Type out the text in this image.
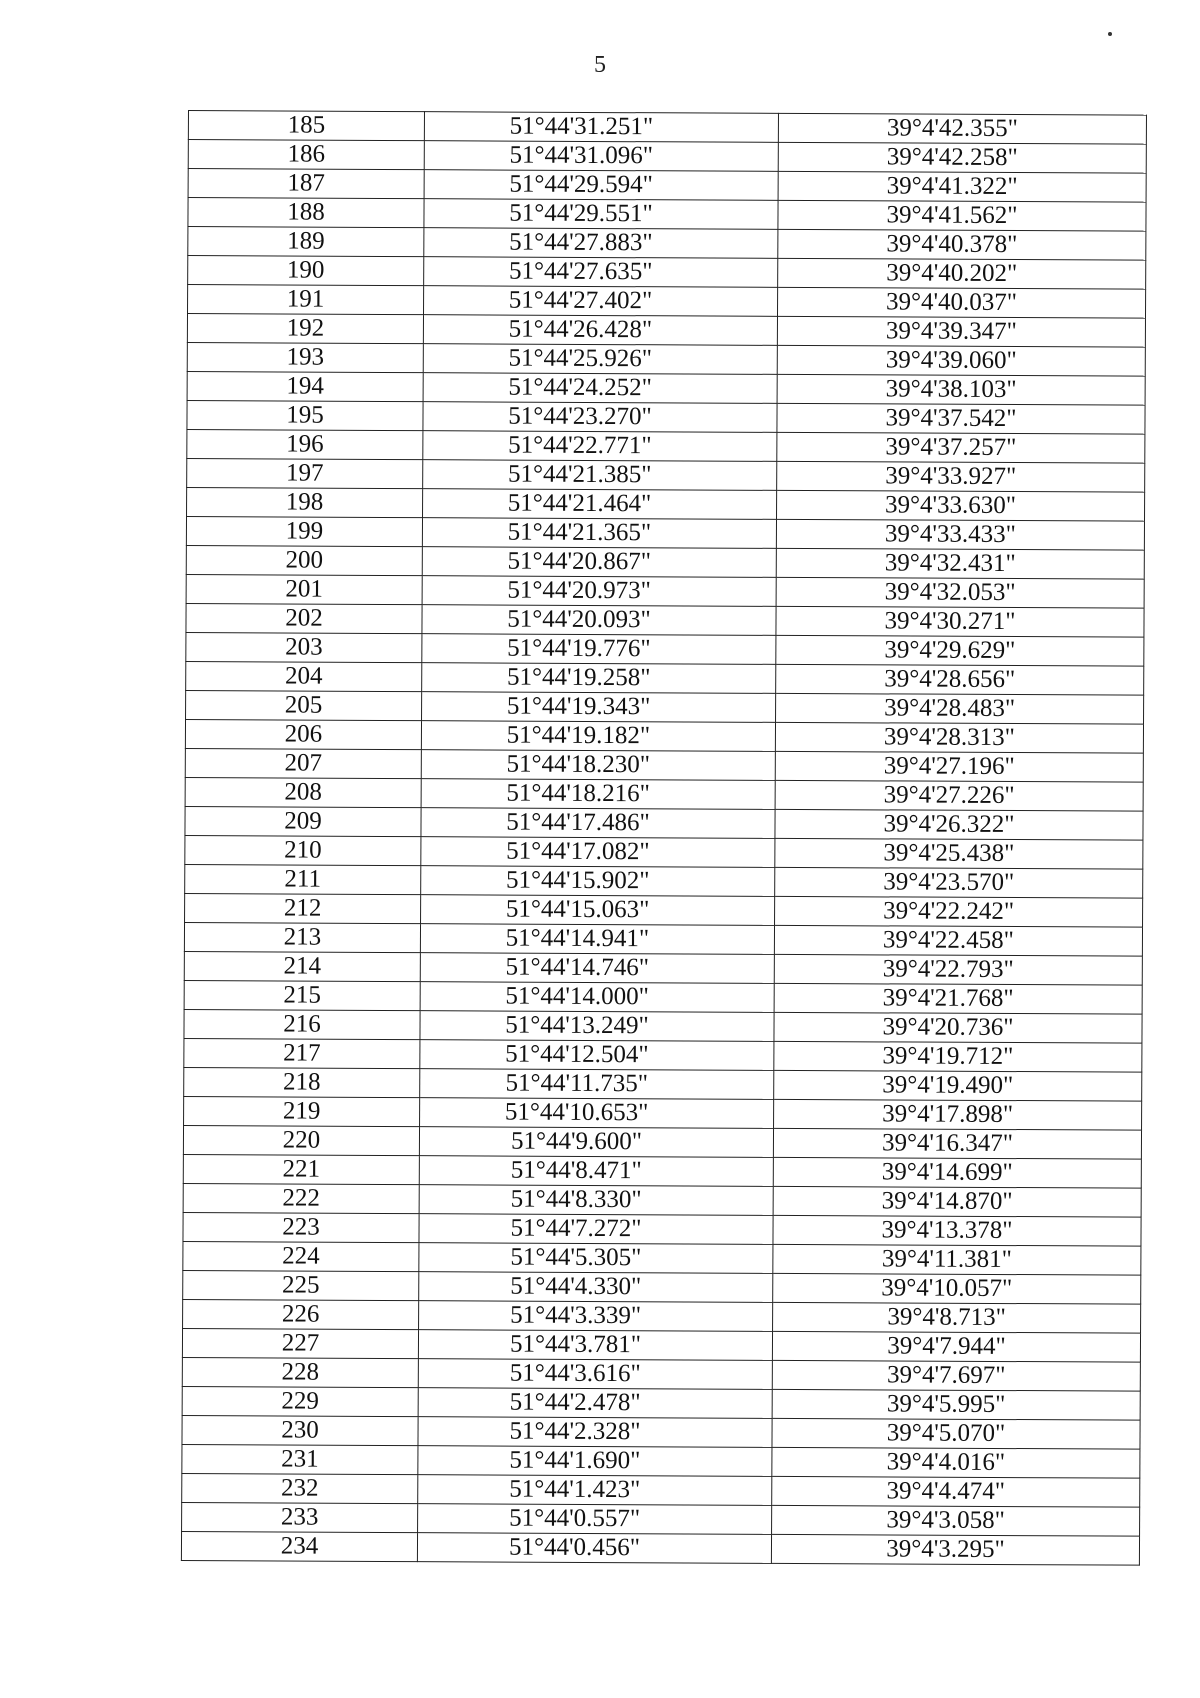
5
185	51°44'31.251"	39°4'42.355"
186	51°44'31.096"	39°4'42.258"
187	51°44'29.594"	39°4'41.322"
188	51°44'29.551"	39°4'41.562"
189	51°44'27.883"	39°4'40.378"
190	51°44'27.635"	39°4'40.202"
191	51°44'27.402"	39°4'40.037"
192	51°44'26.428"	39°4'39.347"
193	51°44'25.926"	39°4'39.060"
194	51°44'24.252"	39°4'38.103"
195	51°44'23.270"	39°4'37.542"
196	51°44'22.771"	39°4'37.257"
197	51°44'21.385"	39°4'33.927"
198	51°44'21.464"	39°4'33.630"
199	51°44'21.365"	39°4'33.433"
200	51°44'20.867"	39°4'32.431"
201	51°44'20.973"	39°4'32.053"
202	51°44'20.093"	39°4'30.271"
203	51°44'19.776"	39°4'29.629"
204	51°44'19.258"	39°4'28.656"
205	51°44'19.343"	39°4'28.483"
206	51°44'19.182"	39°4'28.313"
207	51°44'18.230"	39°4'27.196"
208	51°44'18.216"	39°4'27.226"
209	51°44'17.486"	39°4'26.322"
210	51°44'17.082"	39°4'25.438"
211	51°44'15.902"	39°4'23.570"
212	51°44'15.063"	39°4'22.242"
213	51°44'14.941"	39°4'22.458"
214	51°44'14.746"	39°4'22.793"
215	51°44'14.000"	39°4'21.768"
216	51°44'13.249"	39°4'20.736"
217	51°44'12.504"	39°4'19.712"
218	51°44'11.735"	39°4'19.490"
219	51°44'10.653"	39°4'17.898"
220	51°44'9.600"	39°4'16.347"
221	51°44'8.471"	39°4'14.699"
222	51°44'8.330"	39°4'14.870"
223	51°44'7.272"	39°4'13.378"
224	51°44'5.305"	39°4'11.381"
225	51°44'4.330"	39°4'10.057"
226	51°44'3.339"	39°4'8.713"
227	51°44'3.781"	39°4'7.944"
228	51°44'3.616"	39°4'7.697"
229	51°44'2.478"	39°4'5.995"
230	51°44'2.328"	39°4'5.070"
231	51°44'1.690"	39°4'4.016"
232	51°44'1.423"	39°4'4.474"
233	51°44'0.557"	39°4'3.058"
234	51°44'0.456"	39°4'3.295"
